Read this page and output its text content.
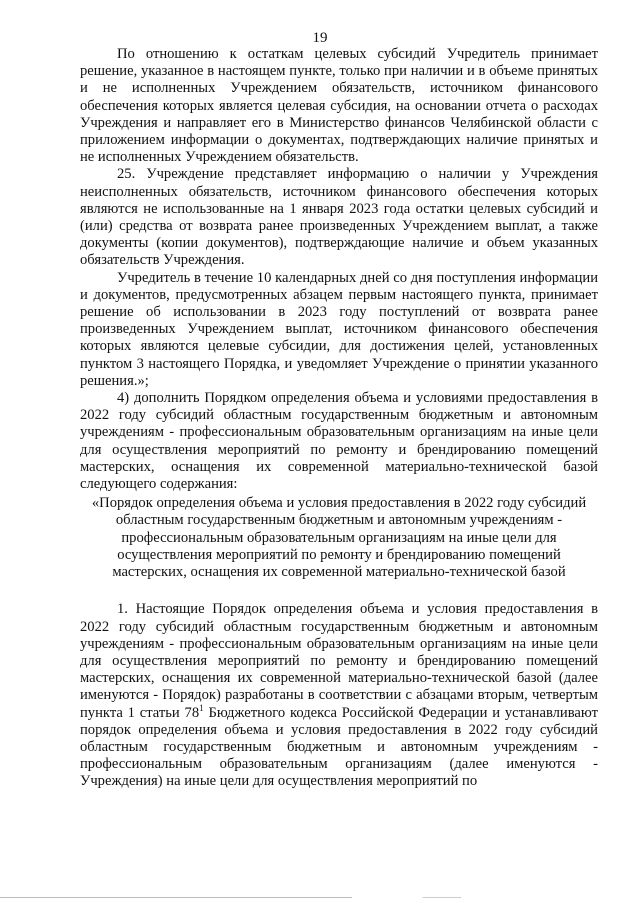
19

По отношению к остаткам целевых субсидий Учредитель принимает решение, указанное в настоящем пункте, только при наличии и в объеме принятых и не исполненных Учреждением обязательств, источником финансового обеспечения которых является целевая субсидия, на основании отчета о расходах Учреждения и направляет его в Министерство финансов Челябинской области с приложением информации о документах, подтверждающих наличие принятых и не исполненных Учреждением обязательств.

25. Учреждение представляет информацию о наличии у Учреждения неисполненных обязательств, источником финансового обеспечения которых являются не использованные на 1 января 2023 года остатки целевых субсидий и (или) средства от возврата ранее произведенных Учреждением выплат, а также документы (копии документов), подтверждающие наличие и объем указанных обязательств Учреждения.

Учредитель в течение 10 календарных дней со дня поступления информации и документов, предусмотренных абзацем первым настоящего пункта, принимает решение об использовании в 2023 году поступлений от возврата ранее произведенных Учреждением выплат, источником финансового обеспечения которых являются целевые субсидии, для достижения целей, установленных пунктом 3 настоящего Порядка, и уведомляет Учреждение о принятии указанного решения.»;

4) дополнить Порядком определения объема и условиями предоставления в 2022 году субсидий областным государственным бюджетным и автономным учреждениям - профессиональным образовательным организациям на иные цели для осуществления мероприятий по ремонту и брендированию помещений мастерских, оснащения их современной материально-технической базой следующего содержания:

«Порядок определения объема и условия предоставления в 2022 году субсидий областным государственным бюджетным и автономным учреждениям - профессиональным образовательным организациям на иные цели для осуществления мероприятий по ремонту и брендированию помещений мастерских, оснащения их современной материально-технической базой

1. Настоящие Порядок определения объема и условия предоставления в 2022 году субсидий областным государственным бюджетным и автономным учреждениям - профессиональным образовательным организациям на иные цели для осуществления мероприятий по ремонту и брендированию помещений мастерских, оснащения их современной материально-технической базой (далее именуются - Порядок) разработаны в соответствии с абзацами вторым, четвертым пункта 1 статьи $78^1$ Бюджетного кодекса Российской Федерации и устанавливают порядок определения объема и условия предоставления в 2022 году субсидий областным государственным бюджетным и автономным учреждениям - профессиональным образовательным организациям (далее именуются - Учреждения) на иные цели для осуществления мероприятий по
